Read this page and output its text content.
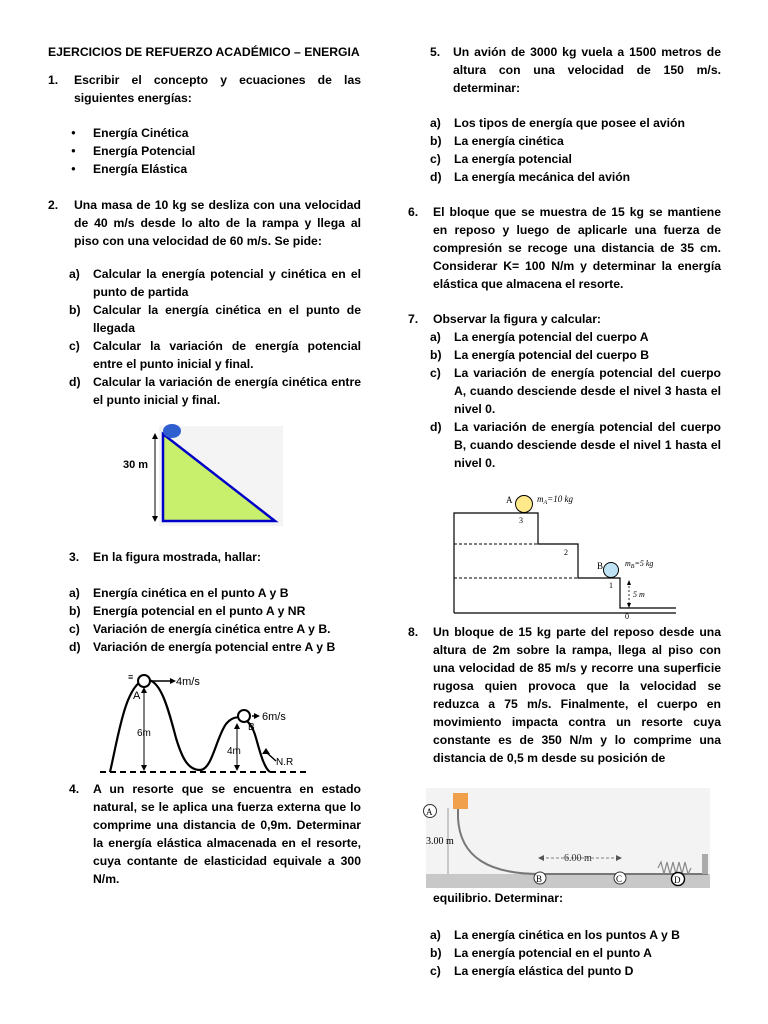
EJERCICIOS DE REFUERZO ACADÉMICO – ENERGIA
1.	Escribir el concepto y ecuaciones de las siguientes energías:
● Energía Cinética
● Energía Potencial
● Energía Elástica
2.	Una masa de 10 kg se desliza con una velocidad de 40 m/s desde lo alto de la rampa y llega al piso con una velocidad de 60 m/s. Se pide:
a)	Calcular la energía potencial y cinética en el punto de partida
b)	Calcular la energía cinética en el punto de llegada
c)	Calcular la variación de energía potencial entre el punto inicial y final.
d)	Calcular la variación de energía cinética entre el punto inicial y final.
30 m
3.	En la figura mostrada, hallar:
a)	Energía cinética en el punto A y B
b)	Energía potencial en el punto A y NR
c)	Variación de energía cinética entre A y B.
d)	Variación de energía potencial entre A y B
4m/s
6m/s
A
≡
6m
4m
B
N.R
4.	A un resorte que se encuentra en estado natural, se le aplica una fuerza externa que lo comprime una distancia de 0,9m. Determinar la energía elástica almacenada en el resorte, cuya contante de elasticidad equivale a 300 N/m.
5.	Un avión de 3000 kg vuela a 1500 metros de altura con una velocidad de 150 m/s. determinar:
a)	Los tipos de energía que posee el avión
b)	La energía cinética
c)	La energía potencial
d)	La energía mecánica del avión
6.	El bloque que se muestra de 15 kg se mantiene en reposo y luego de aplicarle una fuerza de compresión se recoge una distancia de 35 cm. Considerar K= 100 N/m y determinar la energía elástica que almacena el resorte.
7.	Observar la figura y calcular:
a)	La energía potencial del cuerpo A
b)	La energía potencial del cuerpo B
c)	La variación de energía potencial del cuerpo A, cuando desciende desde el nivel 3 hasta el nivel 0.
d)	La variación de energía potencial del cuerpo B, cuando desciende desde el nivel 1 hasta el nivel 0.
A	$m_A=10$ kg
B	$m_B=5$ kg
3
2
1
0
5 m
8.	Un bloque de 15 kg parte del reposo desde una altura de 2m sobre la rampa, llega al piso con una velocidad de 85 m/s y recorre una superficie rugosa quien provoca que la velocidad se reduzca a 75 m/s. Finalmente, el cuerpo en movimiento impacta contra un resorte cuya constante es de 350 N/m y lo comprime una distancia de 0,5 m desde su posición de
3.00 m
6.00 m
A
B	C	D
equilibrio. Determinar:
a)	La energía cinética en los puntos A y B
b)	La energía potencial en el punto A
c)	La energía elástica del punto D
